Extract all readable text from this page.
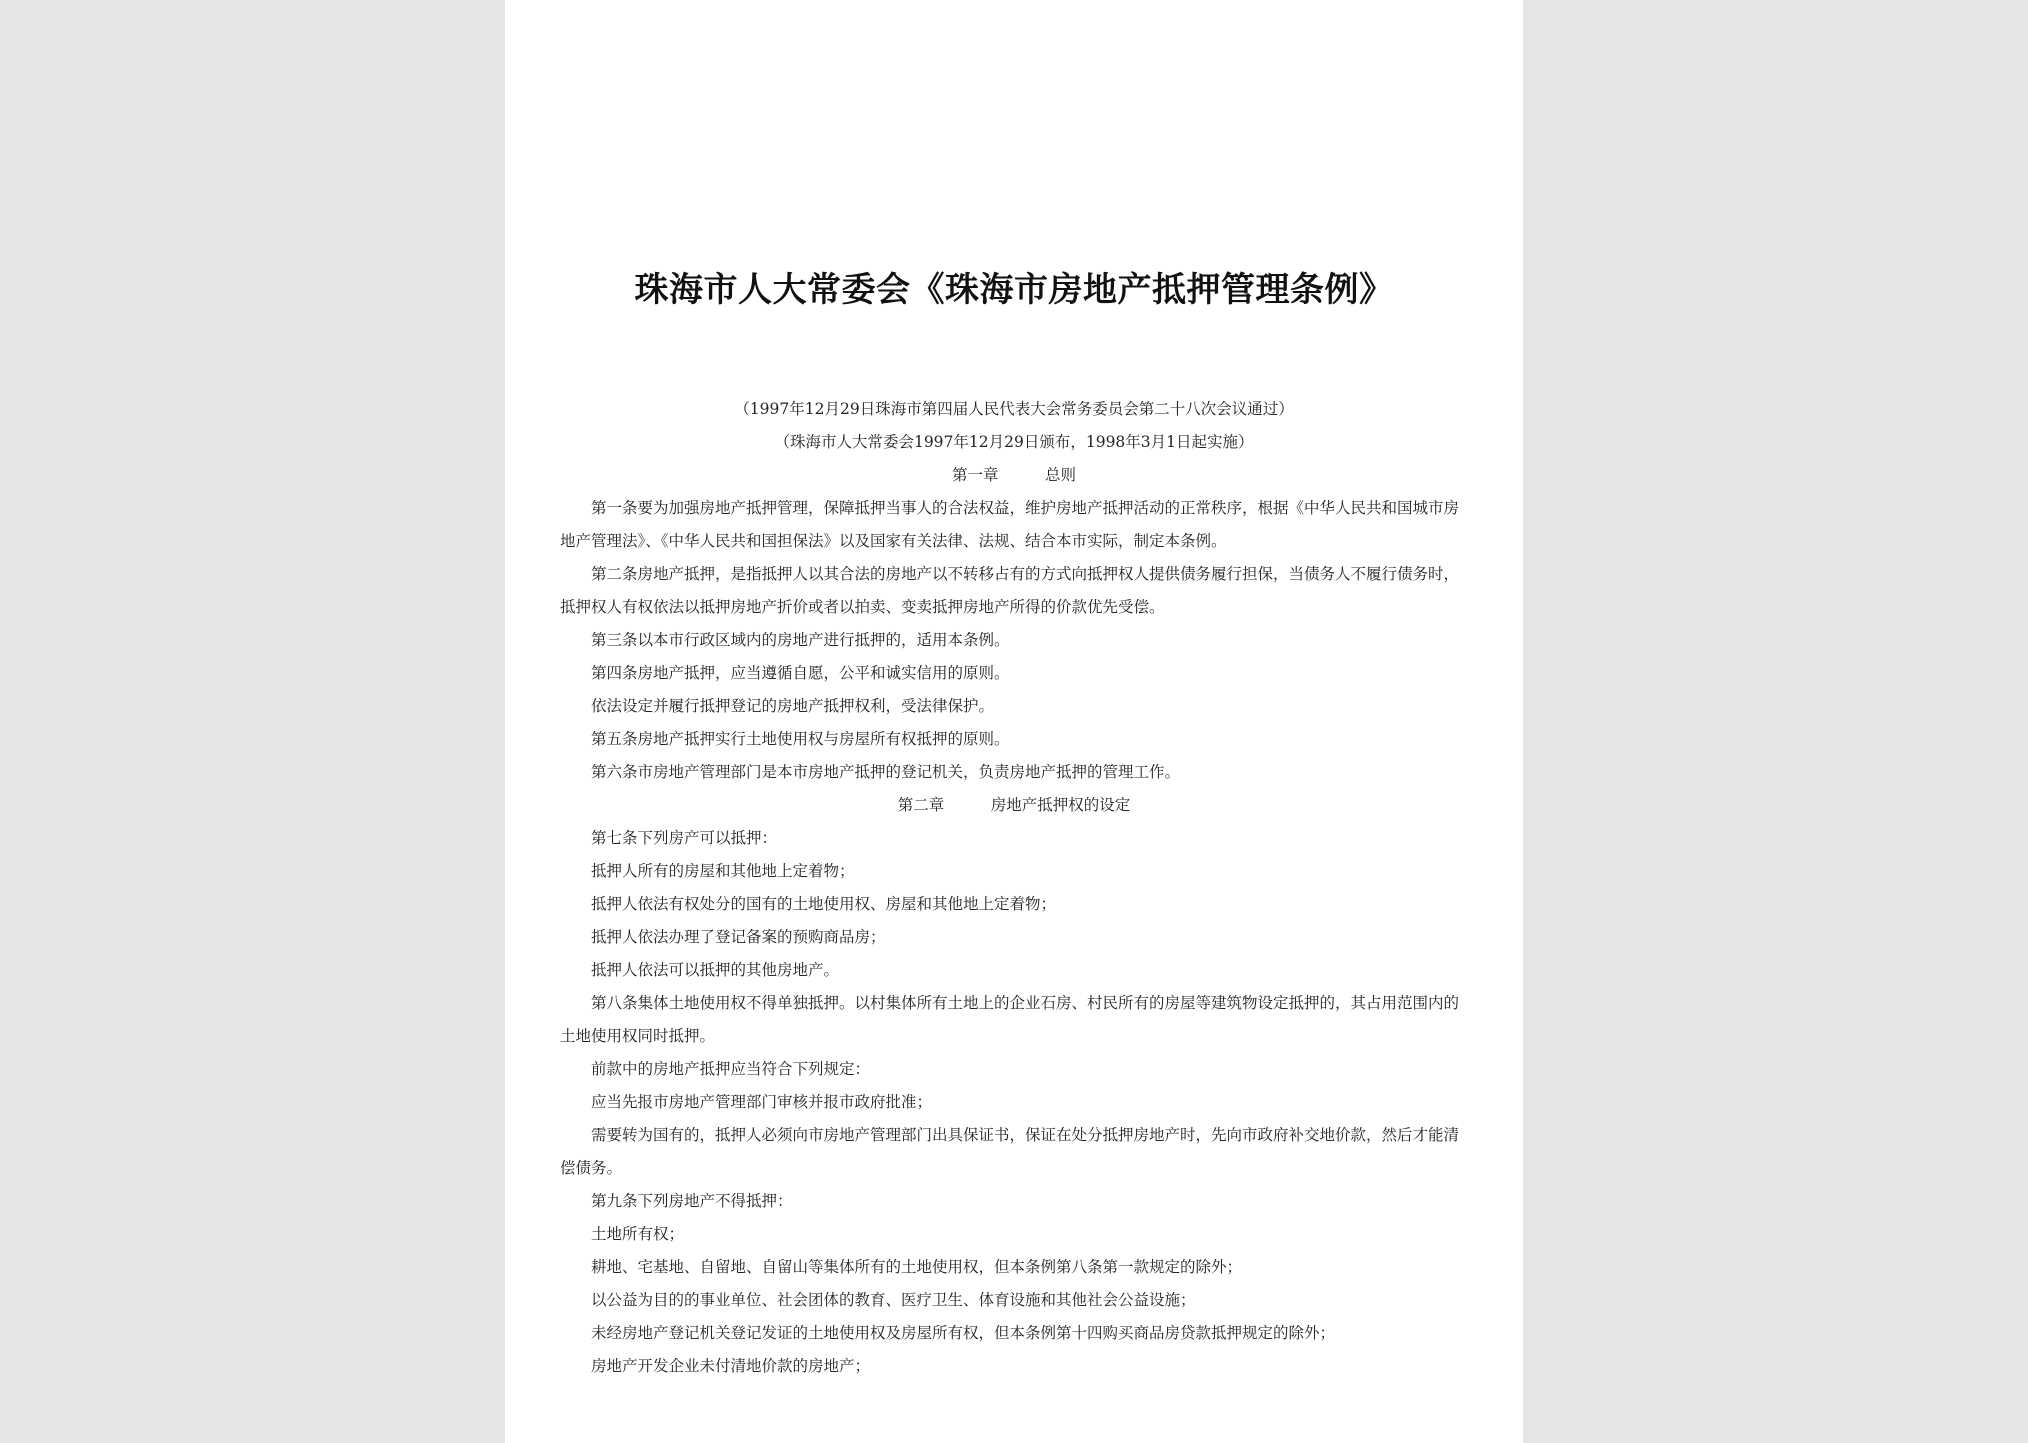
珠海市人大常委会《珠海市房地产抵押管理条例》

（1997年12月29日珠海市第四届人民代表大会常务委员会第二十八次会议通过）

（珠海市人大常委会1997年12月29日颁布，1998年3月1日起实施）

第一章	总则

第一条要为加强房地产抵押管理，保障抵押当事人的合法权益，维护房地产抵押活动的正常秩序，根据《中华人民共和国城市房地产管理法》、《中华人民共和国担保法》以及国家有关法律、法规、结合本市实际，制定本条例。

第二条房地产抵押，是指抵押人以其合法的房地产以不转移占有的方式向抵押权人提供债务履行担保，当债务人不履行债务时，抵押权人有权依法以抵押房地产折价或者以拍卖、变卖抵押房地产所得的价款优先受偿。

第三条以本市行政区域内的房地产进行抵押的，适用本条例。

第四条房地产抵押，应当遵循自愿，公平和诚实信用的原则。

依法设定并履行抵押登记的房地产抵押权利，受法律保护。

第五条房地产抵押实行土地使用权与房屋所有权抵押的原则。

第六条市房地产管理部门是本市房地产抵押的登记机关，负责房地产抵押的管理工作。

第二章	房地产抵押权的设定

第七条下列房产可以抵押：

抵押人所有的房屋和其他地上定着物；

抵押人依法有权处分的国有的土地使用权、房屋和其他地上定着物；

抵押人依法办理了登记备案的预购商品房；

抵押人依法可以抵押的其他房地产。

第八条集体土地使用权不得单独抵押。以村集体所有土地上的企业石房、村民所有的房屋等建筑物设定抵押的，其占用范围内的土地使用权同时抵押。

前款中的房地产抵押应当符合下列规定：

应当先报市房地产管理部门审核并报市政府批准；

需要转为国有的，抵押人必须向市房地产管理部门出具保证书，保证在处分抵押房地产时，先向市政府补交地价款，然后才能清偿债务。

第九条下列房地产不得抵押：

土地所有权；

耕地、宅基地、自留地、自留山等集体所有的土地使用权，但本条例第八条第一款规定的除外；

以公益为目的的事业单位、社会团体的教育、医疗卫生、体育设施和其他社会公益设施；

未经房地产登记机关登记发证的土地使用权及房屋所有权，但本条例第十四购买商品房贷款抵押规定的除外；

房地产开发企业未付清地价款的房地产；
